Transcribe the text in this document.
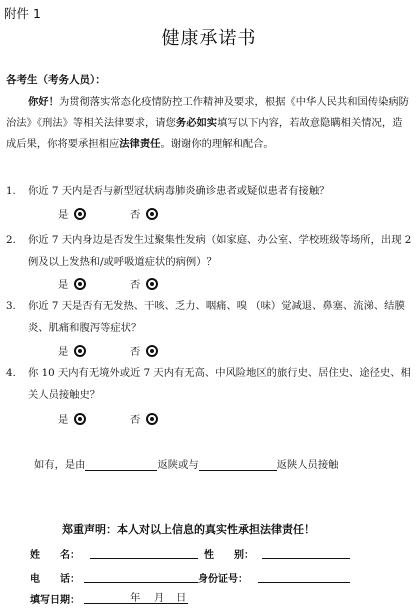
附件 1
健康承诺书
各考生（考务人员）：
你好！为贯彻落实常态化疫情防控工作精神及要求，根据《中华人民共和国传染病防治法》《刑法》等相关法律要求，请您务必如实填写以下内容，若故意隐瞒相关情况，造成后果，你将要承担相应法律责任。谢谢你的理解和配合。
1.	你近 7 天内是否与新型冠状病毒肺炎确诊患者或疑似患者有接触？
是	否
2.	你近 7 天内身边是否发生过聚集性发病（如家庭、办公室、学校班级等场所，出现 2 例及以上发热和/或呼吸道症状的病例）？
是	否
3.	你近 7 天是否有无发热、干咳、乏力、咽痛、嗅 （味）觉减退、鼻塞、流涕、结膜炎、肌痛和腹泻等症状？
是	否
4.	你 10 天内有无境外或近 7 天内有无高、中风险地区的旅行史、居住史、途径史、相关人员接触史？
是	否
如有，是由	返陕或与	返陕人员接触
郑重声明：本人对以上信息的真实性承担法律责任！
姓　　名：	性　　别：
电　　话：	身份证号：
填写日期：	年 月 日
